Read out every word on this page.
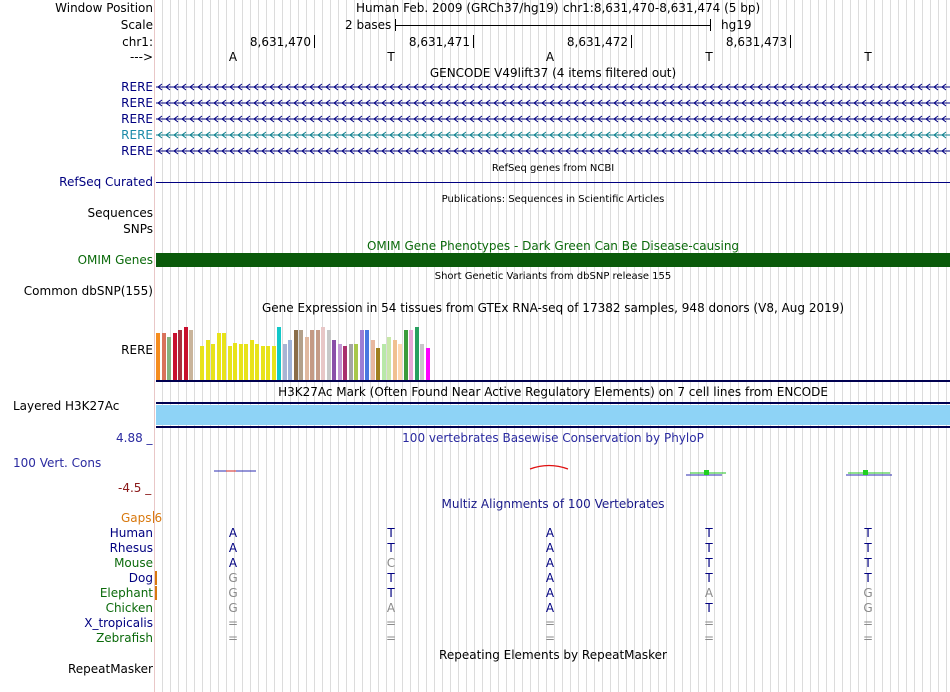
Window Position	Human Feb. 2009 (GRCh37/hg19) chr1:8,631,470-8,631,474 (5 bp)
Scale	2 bases	hg19
chr1:	8,631,470	8,631,471	8,631,472	8,631,473
--->	A	T	A	T	T
GENCODE V49lift37 (4 items filtered out)
RERE
RERE
RERE
RERE
RERE
RefSeq genes from NCBI
RefSeq Curated
Publications: Sequences in Scientific Articles
Sequences
SNPs
OMIM Gene Phenotypes - Dark Green Can Be Disease-causing
OMIM Genes
Short Genetic Variants from dbSNP release 155
Common dbSNP(155)
Gene Expression in 54 tissues from GTEx RNA-seq of 17382 samples, 948 donors (V8, Aug 2019)
RERE
H3K27Ac Mark (Often Found Near Active Regulatory Elements) on 7 cell lines from ENCODE
Layered H3K27Ac
100 vertebrates Basewise Conservation by PhyloP
4.88 _
100 Vert. Cons
-4.5 _
Multiz Alignments of 100 Vertebrates
Gaps 6
Human	A	T	A	T	T
Rhesus	A	T	A	T	T
Mouse	A	C	A	T	T
Dog	G	T	A	T	T
Elephant	G	T	A	A	G
Chicken	G	A	A	T	G
X_tropicalis	=	=	=	=	=
Zebrafish	=	=	=	=	=
Repeating Elements by RepeatMasker
RepeatMasker
